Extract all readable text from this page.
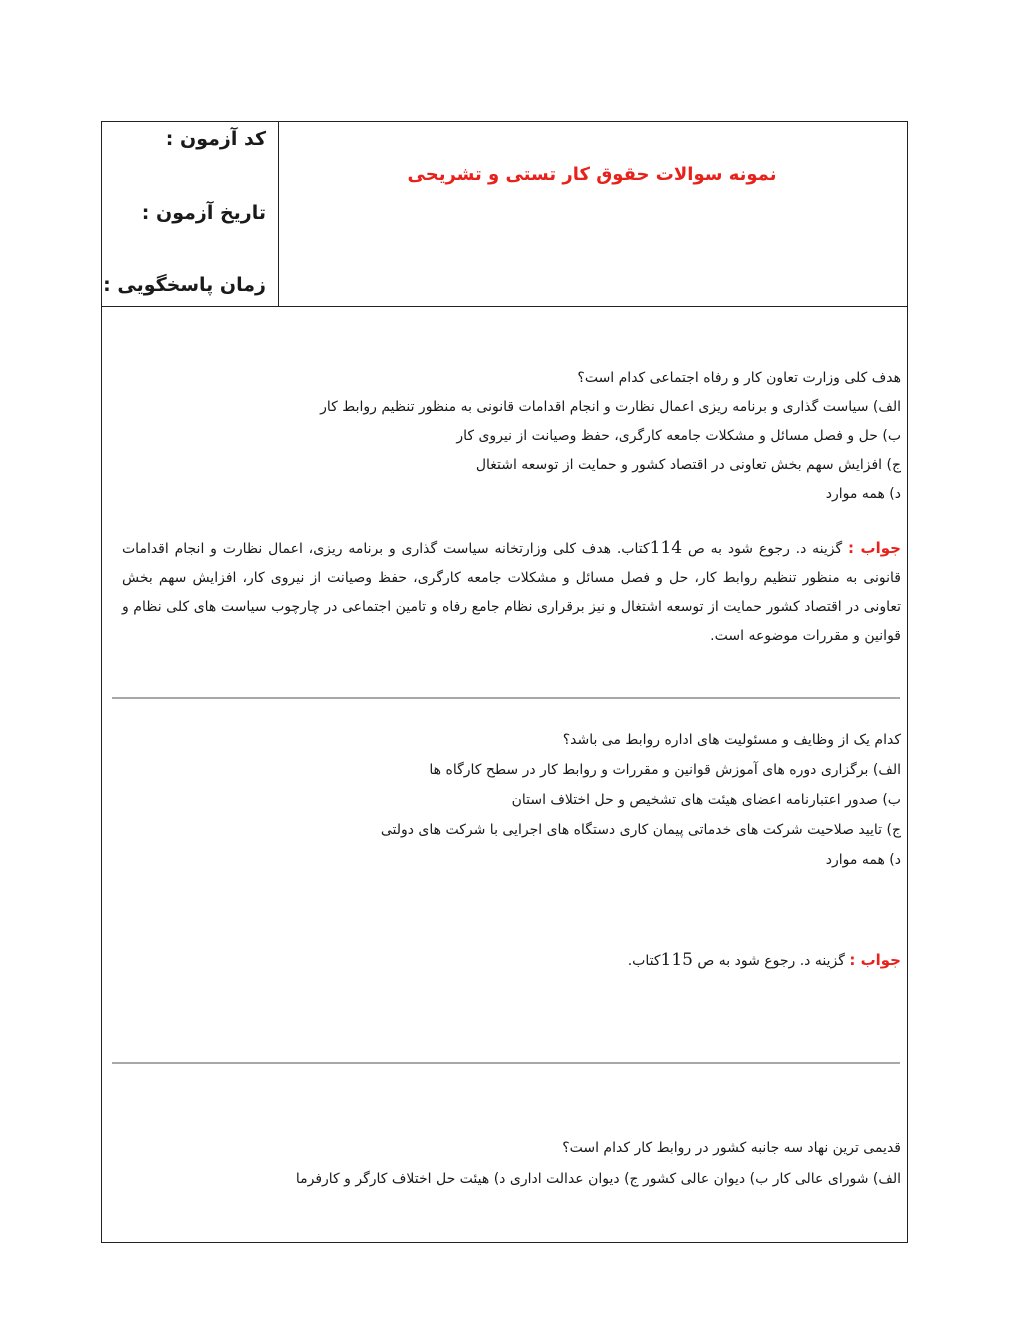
کد آزمون :
تاریخ آزمون :
زمان پاسخگویی :
نمونه سوالات حقوق کار تستی و تشریحی
هدف کلی وزارت تعاون کار و رفاه اجتماعی کدام است؟
الف) سیاست گذاری و برنامه ریزی اعمال نظارت و انجام اقدامات قانونی به منظور تنظیم روابط کار
ب) حل و فصل مسائل و مشکلات جامعه کارگری، حفظ وصیانت از نیروی کار
ج) افزایش سهم بخش تعاونی در اقتصاد کشور و حمایت از توسعه اشتغال
د) همه موارد
جواب : گزینه د. رجوع شود به ص 114کتاب. هدف کلی وزارتخانه سیاست گذاری و برنامه ریزی، اعمال نظارت و انجام اقدامات قانونی به منظور تنظیم روابط کار، حل و فصل مسائل و مشکلات جامعه کارگری، حفظ وصیانت از نیروی کار، افزایش سهم بخش تعاونی در اقتصاد کشور حمایت از توسعه اشتغال و نیز برقراری نظام جامع رفاه و تامین اجتماعی در چارچوب سیاست های کلی نظام و قوانین و مقررات موضوعه است.
کدام یک از وظایف و مسئولیت های اداره روابط می باشد؟
الف) برگزاری دوره های آموزش قوانین و مقررات و روابط کار در سطح کارگاه ها
ب) صدور اعتبارنامه اعضای هیئت های تشخیص و حل اختلاف استان
ج) تایید صلاحیت شرکت های خدماتی پیمان کاری دستگاه های اجرایی با شرکت های دولتی
د) همه موارد
جواب : گزینه د. رجوع شود به ص 115کتاب.
قدیمی ترین نهاد سه جانبه کشور در روابط کار کدام است؟
الف) شورای عالی کار ب) دیوان عالی کشور ج) دیوان عدالت اداری د) هیئت حل اختلاف کارگر و کارفرما
